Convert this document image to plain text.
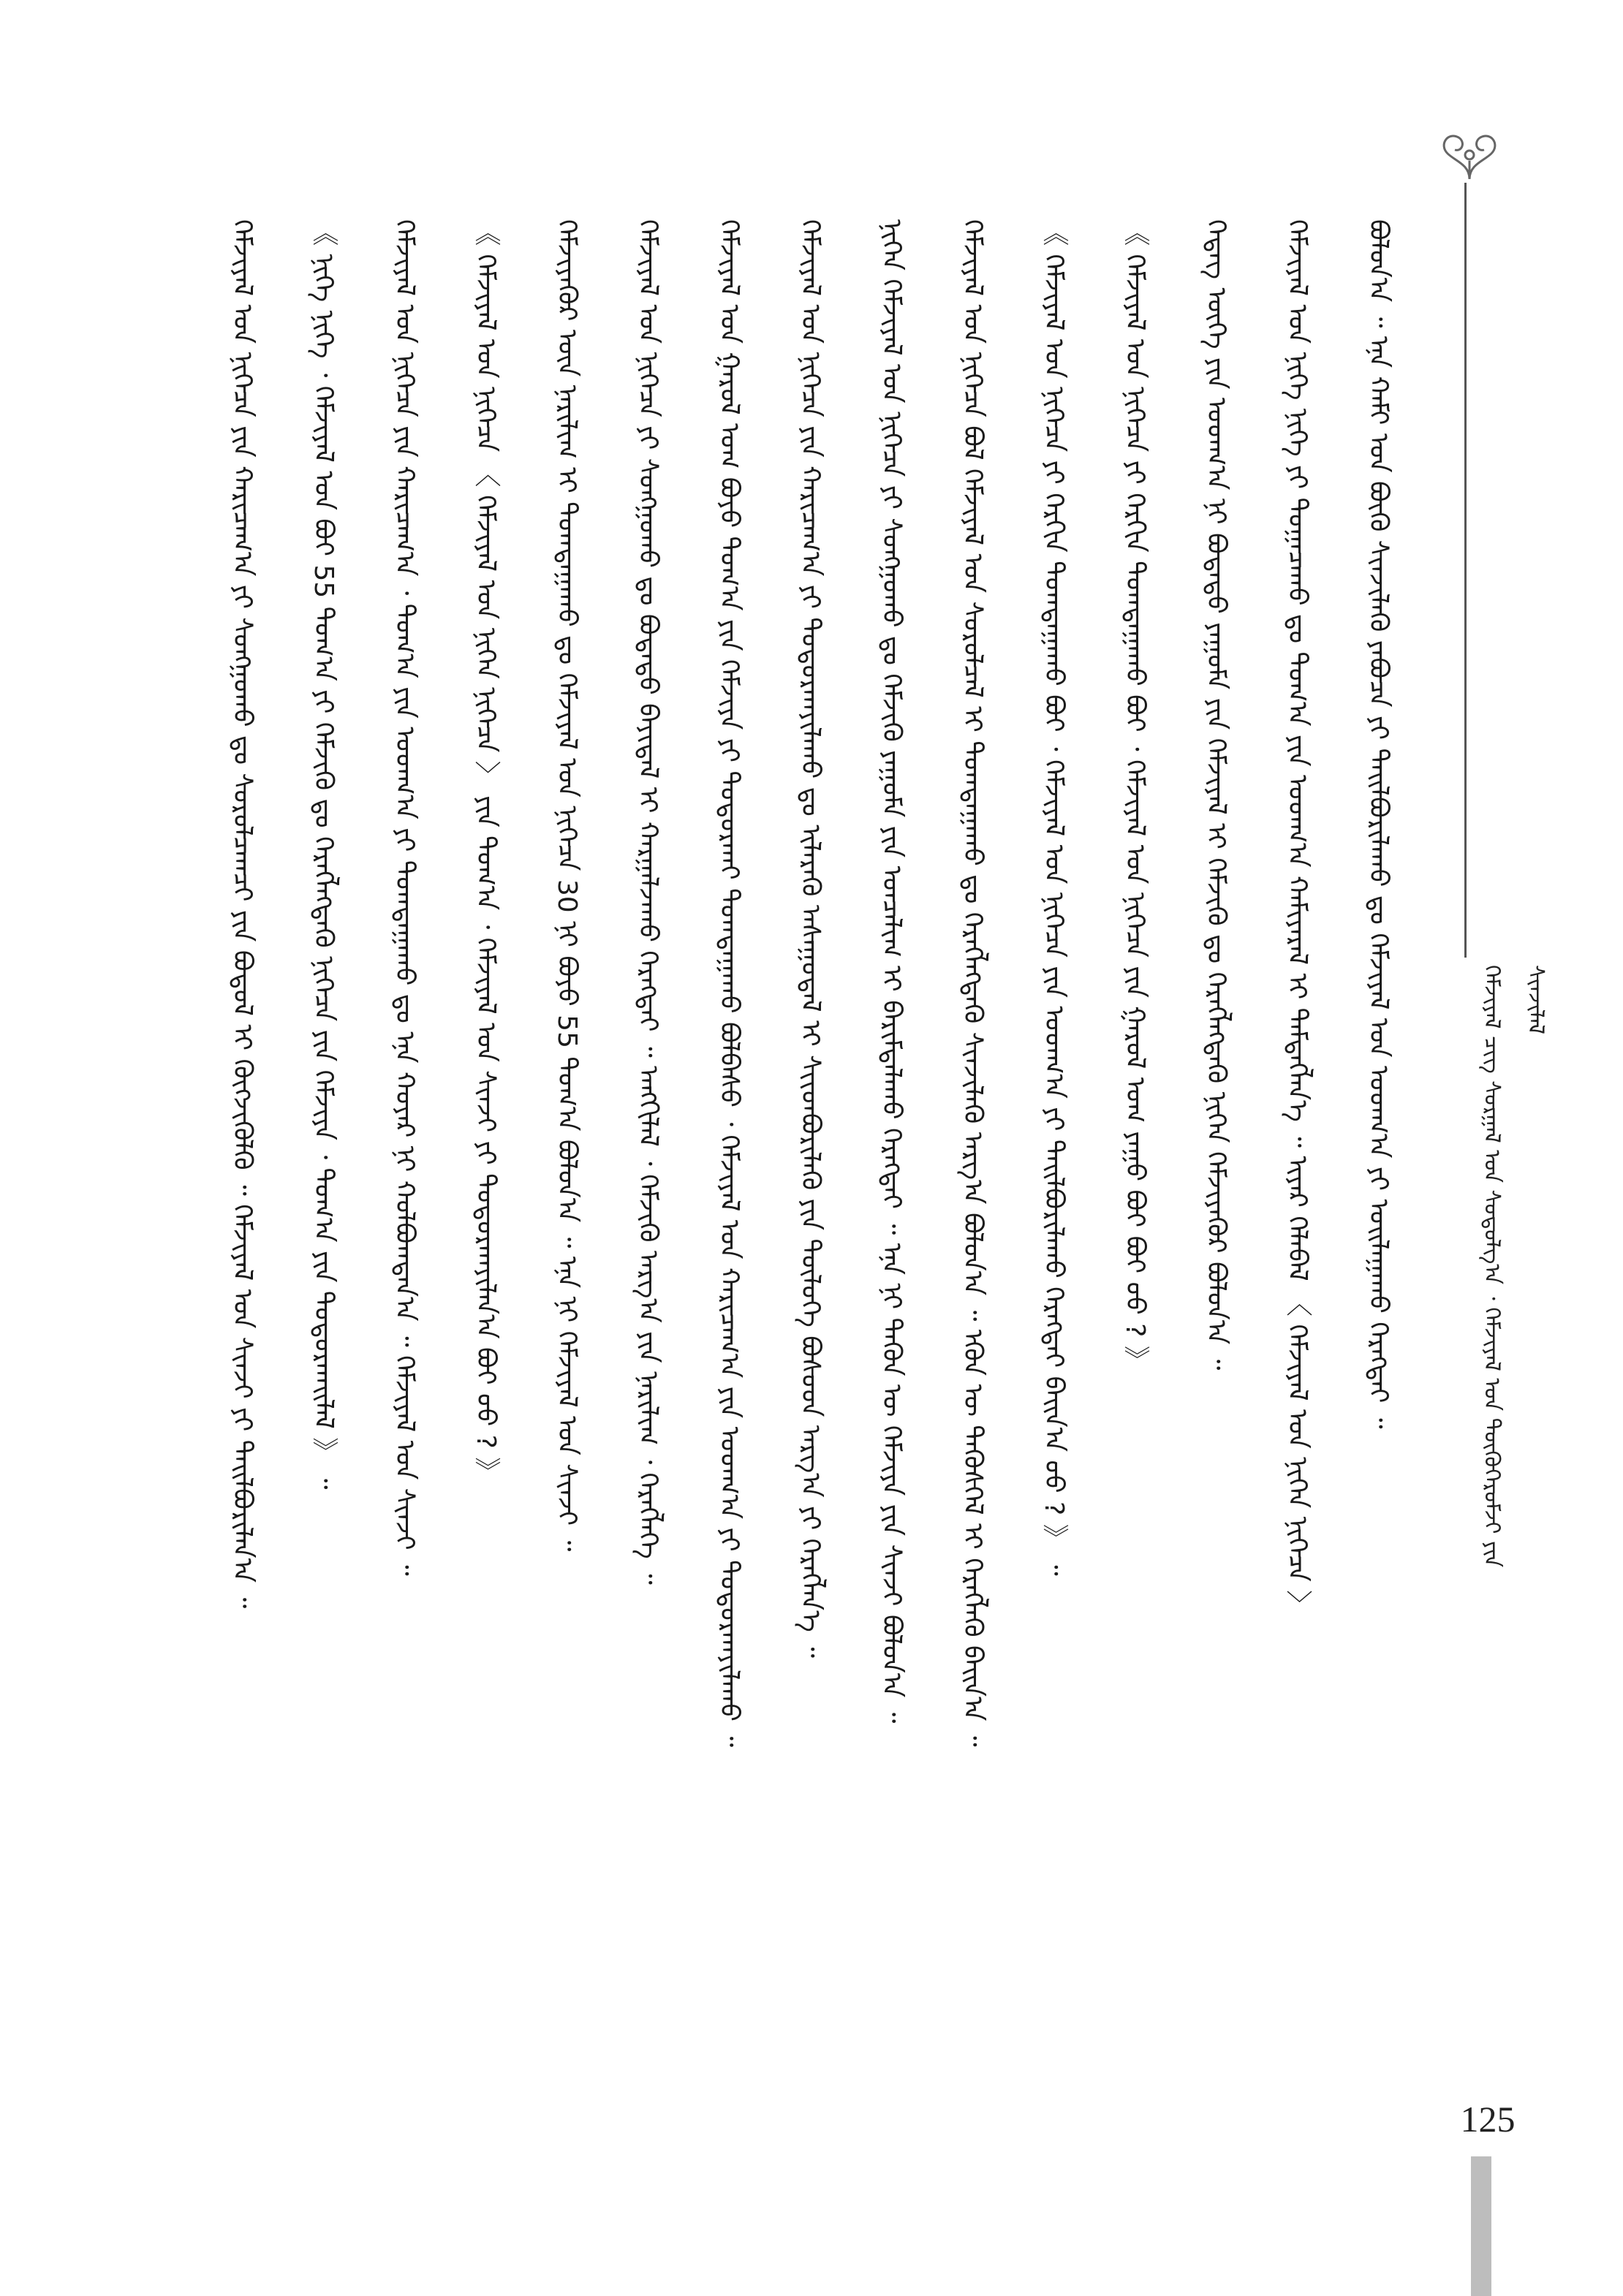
ᠬᠡᠮᠵᠢᠶᠡᠯ ᠴᠢᠭ ᠰᠤᠷᠭᠠᠯ ᠤᠨ ᠰᠤᠳᠤᠯᠭ᠎ᠠ ᠂ ᠬᠡᠮᠵᠢᠶᠡᠯ ᠤᠨ ᠲᠥᠬᠥᠭᠡᠷᠦᠮᠵᠢ ᠶᠢᠨ ᠰᠢᠨᠵᠢᠯᠡᠯ
ᠪᠣᠯᠤᠨ᠎ᠠ ᠃ ᠡᠨᠡ ᠬᠠᠮᠢ ᠤᠨ ᠪᠦᠬᠦ ᠰᠢᠨᠵᠢᠯᠡᠬᠦ ᠶᠠᠪᠤᠴᠠ ᠶᠢ ᠲᠠᠢᠯᠪᠤᠷᠢᠯᠠᠬᠤ ᠳᠤ ᠬᠡᠮᠵᠢᠶᠡᠯ ᠤᠨ ᠤᠳᠬ᠎ᠠ ᠶᠢ ᠣᠢᠯᠠᠭᠠᠬᠤ ᠬᠡᠷᠡᠭᠲᠡᠢ ᠃
ᠬᠡᠮᠵᠢᠶᠡᠯ ᠤᠨ ᠨᠢᠭᠡ ᠨᠢᠭᠡ ᠶᠢ ᠲᠣᠭᠠᠴᠠᠬᠤ ᠳᠤ ᠲᠣᠭ᠎ᠠ ᠶᠢᠨ ᠤᠳᠬ᠎ᠠ ᠬᠠᠮᠢᠶᠠᠷᠠᠯ ᠢ ᠲᠡᠮᠳᠡᠭᠯᠡᠨ᠎ᠡ ᠃ ᠢᠶᠡᠷ ᠬᠡᠯᠡᠪᠡᠯ 〈 ᠬᠡᠮᠵᠢᠶᠡᠯ ᠤᠨ ᠨᠢᠭᠡᠨ ᠨᠢᠭᠡᠴᠡ 〉
ᠭᠡᠳᠡᠭ ᠦᠭᠡ ᠶᠢᠨ ᠤᠳᠬ᠎ᠠ ᠨᠢ ᠪᠣᠳᠠᠲᠤ ᠶᠠᠭᠤᠮᠠ ᠶᠢᠨ ᠬᠡᠮᠵᠢᠶᠡᠯ ᠢ ᠬᠡᠮᠵᠢᠬᠦ ᠳᠤ ᠬᠡᠷᠡᠭᠯᠡᠭᠳᠡᠬᠦ ᠨᠢᠭᠡᠨ ᠬᠡᠮᠵᠢᠶᠡᠭᠦᠷ ᠪᠣᠯᠤᠨ᠎ᠠ ᠃
《 ᠬᠡᠮᠵᠢᠶᠡᠯ ᠤᠨ ᠨᠢᠭᠡᠴᠡ ᠶᠢ ᠬᠡᠷᠬᠢᠨ ᠲᠣᠭᠲᠠᠭᠠᠬᠤ ᠪᠤᠢ ᠂ ᠬᠡᠮᠵᠢᠶᠡᠯ ᠤᠨ ᠨᠢᠭᠡᠴᠡ ᠶᠢᠨ ᠭᠠᠷᠤᠯ ᠤᠭ ᠶᠠᠭᠤ ᠪᠤᠢ ᠪᠤᠢ ᠤᠤ ? 》
《 ᠬᠡᠮᠵᠢᠶᠡᠯ ᠤᠨ ᠨᠢᠭᠡᠴᠡ ᠶᠢ ᠬᠡᠷᠬᠢᠨ ᠲᠣᠭᠲᠠᠭᠠᠬᠤ ᠪᠤᠢ ᠂ ᠬᠡᠮᠵᠢᠶᠡᠯ ᠤᠨ ᠨᠢᠭᠡᠴᠡ ᠶᠢᠨ ᠤᠳᠬ᠎ᠠ ᠶᠢ ᠲᠠᠢᠯᠪᠤᠷᠢᠯᠠᠬᠤ ᠬᠡᠷᠡᠭᠲᠡᠢ ᠪᠠᠢᠨ᠎ᠠ ᠤᠤ ? 》 ᠃
ᠬᠡᠮᠵᠢᠶᠡᠯ ᠤᠨ ᠨᠢᠭᠡᠴᠡ ᠪᠣᠯ ᠬᠡᠮᠵᠢᠶᠡᠯ ᠤᠨ ᠰᠤᠷᠤᠯᠴᠠᠯ ᠢ ᠲᠣᠭᠲᠠᠭᠠᠬᠤ ᠳᠤ ᠬᠡᠷᠡᠭᠯᠡᠭᠳᠡᠬᠦ ᠰᠢᠨᠵᠢᠯᠡᠬᠦ ᠠᠷᠭ᠎ᠠ ᠪᠣᠯᠤᠨ᠎ᠠ ᠃ ᠡᠭᠦᠨ ᠦ ᠲᠡᠭᠦᠰᠬᠡᠯ ᠢ ᠬᠡᠷᠡᠭᠯᠡᠬᠦ ᠪᠠᠢᠨ᠎ᠠ ᠃
ᠨᠢᠭᠡᠨ ᠬᠡᠮᠵᠢᠶᠡᠯ ᠤᠨ ᠨᠢᠭᠡᠴᠡ ᠶᠢ ᠰᠣᠩᠭᠣᠬᠤ ᠳᠤ ᠬᠡᠮᠵᠢᠬᠦ ᠶᠠᠭᠤᠮᠠ ᠶᠢᠨ ᠤᠨᠴᠠᠯᠢᠭ ᠢ ᠪᠠᠷᠢᠮᠲᠠᠯᠠᠬᠤ ᠬᠡᠷᠡᠭᠲᠡᠢ ᠃ ᠡᠨᠡ ᠨᠢ ᠲᠡᠭᠦᠨ ᠦ ᠬᠡᠮᠵᠢᠶᠡ ᠶᠢᠨ ᠰᠢᠨᠵᠢ ᠪᠣᠯᠤᠨ᠎ᠠ ᠃
ᠬᠡᠮᠵᠢᠶᠡᠯ ᠤᠨ ᠨᠢᠭᠡᠴᠡ ᠶᠢᠨ ᠬᠠᠷᠢᠴᠠᠭ᠎ᠠ ᠶᠢ ᠲᠣᠳᠣᠷᠬᠠᠶᠢᠯᠠᠬᠤ ᠳᠤ ᠢᠯᠡᠷᠡᠬᠦ ᠠᠰᠠᠭᠤᠳᠠᠯ ᠢ ᠰᠢᠢᠳᠪᠦᠷᠢᠯᠡᠬᠦ ᠶᠢᠨ ᠲᠥᠯᠥᠭᠡ ᠪᠤᠰᠤᠳ ᠠᠷᠭ᠎ᠠ ᠶᠢ ᠬᠡᠷᠡᠭᠯᠡᠨ᠎ᠡ ᠃
ᠬᠡᠮᠵᠢᠶᠡᠯ ᠤᠨ ᠭᠠᠷᠤᠯ ᠤᠭ ᠪᠤᠶᠤ ᠲᠣᠭ᠎ᠠ ᠶᠢᠨ ᠬᠡᠮᠵᠢᠶᠡ ᠶᠢ ᠲᠣᠳᠣᠷᠬᠠᠢ ᠲᠣᠭᠲᠠᠭᠠᠬᠤ ᠪᠣᠯᠪᠠᠰᠤ ᠂ ᠬᠡᠮᠵᠢᠶᠡᠯ ᠤᠨ ᠬᠠᠷᠢᠴᠠᠭ᠎ᠠ ᠶᠢᠨ ᠤᠳᠬ᠎ᠠ ᠶᠢ ᠲᠣᠳᠣᠷᠬᠠᠶᠢᠯᠠᠬᠤ ᠃
ᠬᠡᠮᠵᠢᠶᠡᠯ ᠤᠨ ᠨᠢᠭᠡᠴᠡ ᠶᠢ ᠰᠣᠩᠭᠣᠬᠤ ᠳᠤ ᠪᠣᠳᠠᠲᠤ ᠪᠠᠶᠢᠳᠠᠯ ᠢ ᠬᠠᠷᠭᠠᠯᠵᠠᠬᠤ ᠬᠡᠷᠡᠭᠲᠡᠢ ᠃ ᠠᠩᠭᠢᠯᠠᠯ ᠂ ᠬᠡᠮᠵᠢᠬᠦ ᠠᠷᠭ᠎ᠠ ᠶᠢᠨ ᠨᠠᠷᠢᠯᠢᠭ ᠂ ᠬᠡᠷᠡᠭᠯᠡᠭᠡ ᠃
ᠬᠡᠮᠵᠢᠶᠡᠭᠦᠷ ᠦᠨ ᠨᠠᠷᠢᠯᠢᠭ ᠢ ᠲᠣᠭᠲᠠᠭᠠᠬᠤ ᠳᠤ ᠬᠡᠮᠵᠢᠶᠡᠯ ᠤᠨ ᠨᠢᠭᠡᠴᠡ 30 ᠨᠢ ᠪᠤᠶᠤ 55 ᠲᠣᠭ᠎ᠠ ᠪᠣᠯᠤᠨ᠎ᠠ ᠃ ᠡᠨᠡ ᠨᠢ ᠬᠡᠮᠵᠢᠶᠡᠯ ᠤᠨ ᠰᠢᠨᠵᠢ ᠃
《 ᠬᠡᠮᠵᠢᠶᠡᠯ ᠤᠨ ᠨᠢᠭᠡᠴᠡ 〈 ᠬᠡᠮᠵᠢᠶᠡᠯ ᠤᠨ ᠨᠢᠭᠡᠨ ᠨᠢᠭᠡᠴᠡ 〉 ᠶᠢᠨ ᠲᠣᠭ᠎ᠠ ᠂ ᠬᠡᠮᠵᠢᠶᠡᠯ ᠤᠨ ᠰᠢᠨᠵᠢ ᠶᠢ ᠲᠣᠳᠣᠷᠬᠠᠶᠢᠯᠠᠨ᠎ᠠ ᠪᠤᠢ ᠤᠤ ? 》
ᠬᠡᠮᠵᠢᠶᠡᠯ ᠤᠨ ᠨᠢᠭᠡᠴᠡ ᠶᠢᠨ ᠬᠠᠷᠢᠴᠠᠭ᠎ᠠ ᠂ ᠲᠣᠭ᠎ᠠ ᠶᠢᠨ ᠤᠳᠬ᠎ᠠ ᠶᠢ ᠲᠣᠭᠲᠠᠭᠠᠬᠤ ᠳᠤ ᠡᠨᠡ ᠬᠣᠶᠠᠷ ᠨᠢ ᠬᠣᠯᠪᠣᠭᠳᠠᠨ᠎ᠠ ᠃ ᠬᠡᠮᠵᠢᠶᠡᠯ ᠤᠨ ᠰᠢᠨᠵᠢ ᠃
《 ᠨᠢᠭᠡ ᠨᠢᠭᠡ ᠂ ᠬᠡᠮᠵᠢᠶᠡᠯ ᠤᠨ ᠪᠤᠢ 55 ᠲᠣᠭ᠎ᠠ ᠶᠢ ᠬᠡᠮᠵᠢᠬᠦ ᠳᠤ ᠬᠡᠷᠡᠭᠯᠡᠭᠳᠡᠬᠦ ᠨᠢᠭᠡᠴᠡ ᠶᠢᠨ ᠬᠡᠮᠵᠢᠶᠡ ᠂ ᠲᠣᠭ᠎ᠠ ᠶᠢᠨ ᠲᠣᠳᠣᠷᠬᠠᠢᠯᠠᠯ 》 ᠃
ᠬᠡᠮᠵᠢᠶᠡᠯ ᠤᠨ ᠨᠢᠭᠡᠴᠡ ᠶᠢᠨ ᠬᠠᠷᠢᠴᠠᠭ᠎ᠠ ᠶᠢ ᠰᠣᠩᠭᠣᠬᠤ ᠳᠤ ᠰᠤᠷᠤᠯᠴᠠᠭᠴᠢ ᠶᠢᠨ ᠪᠣᠳᠣᠯ ᠢ ᠬᠥᠭᠵᠢᠭᠦᠯᠬᠦ ᠃ ᠬᠡᠮᠵᠢᠶᠡᠯ ᠤᠨ ᠰᠢᠨᠵᠢ ᠶᠢ ᠲᠠᠢᠯᠪᠤᠷᠢᠯᠠᠨ᠎ᠠ ᠃
125
